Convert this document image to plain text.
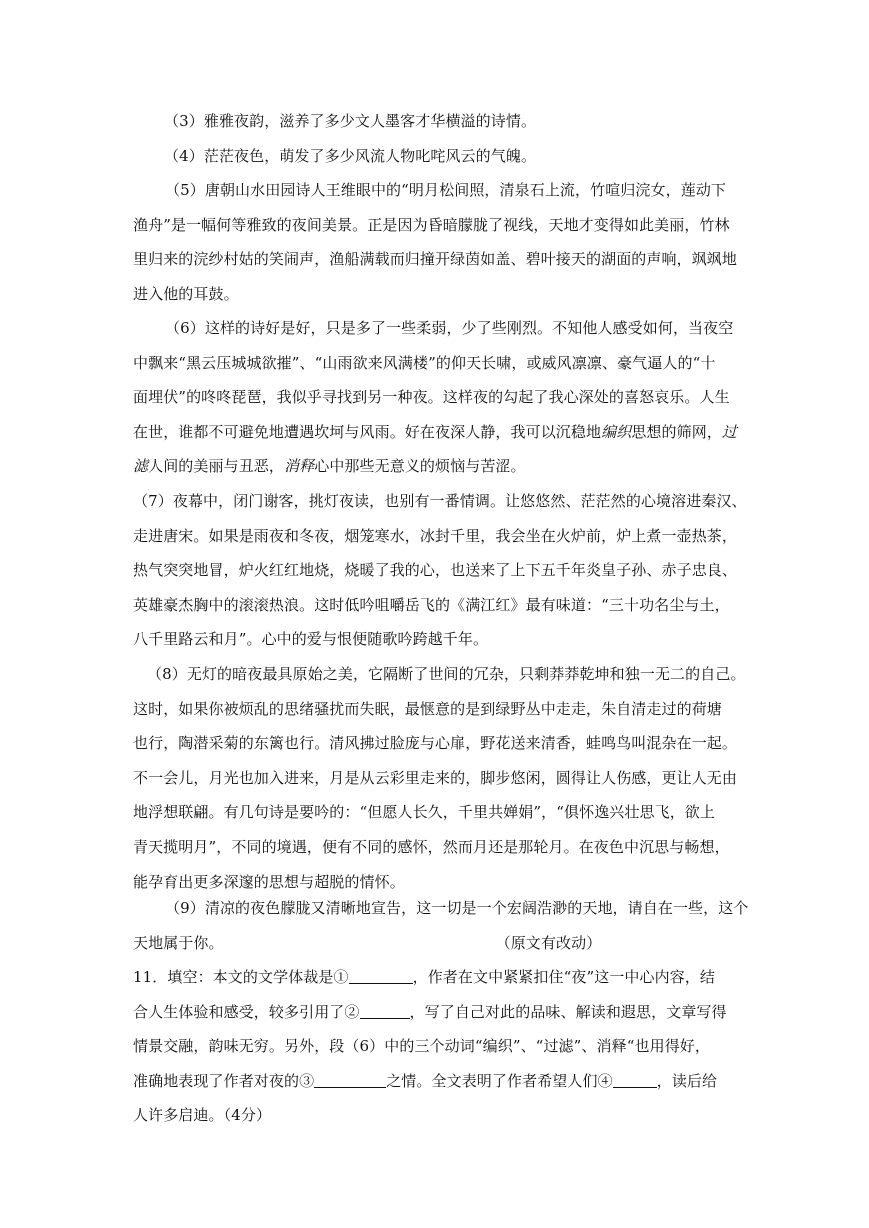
（3）雅雅夜韵，滋养了多少文人墨客才华横溢的诗情。

（4）茫茫夜色，萌发了多少风流人物叱咤风云的气魄。

（5）唐朝山水田园诗人王维眼中的“明月松间照，清泉石上流，竹喧归浣女，莲动下
渔舟”是一幅何等雅致的夜间美景。正是因为昏暗朦胧了视线，天地才变得如此美丽，竹林
里归来的浣纱村姑的笑闹声，渔船满载而归撞开绿茵如盖、碧叶接天的湖面的声响，飒飒地
进入他的耳鼓。

（6）这样的诗好是好，只是多了一些柔弱，少了些刚烈。不知他人感受如何，当夜空
中飘来“黑云压城城欲摧”、“山雨欲来风满楼”的仰天长啸，或威风凛凛、豪气逼人的“十
面埋伏”的咚咚琵琶，我似乎寻找到另一种夜。这样夜的勾起了我心深处的喜怒哀乐。人生
在世，谁都不可避免地遭遇坎坷与风雨。好在夜深人静，我可以沉稳地编织思想的筛网，过
滤人间的美丽与丑恶，消释心中那些无意义的烦恼与苦涩。

（7）夜幕中，闭门谢客，挑灯夜读，也别有一番情调。让悠悠然、茫茫然的心境溶进秦汉、
走进唐宋。如果是雨夜和冬夜，烟笼寒水，冰封千里，我会坐在火炉前，炉上煮一壶热茶，
热气突突地冒，炉火红红地烧，烧暖了我的心，也送来了上下五千年炎皇子孙、赤子忠良、
英雄豪杰胸中的滚滚热浪。这时低吟咀嚼岳飞的《满江红》最有味道：“三十功名尘与土，
八千里路云和月”。心中的爱与恨便随歌吟跨越千年。

（8）无灯的暗夜最具原始之美，它隔断了世间的冗杂，只剩莽莽乾坤和独一无二的自己。
这时，如果你被烦乱的思绪骚扰而失眠，最惬意的是到绿野丛中走走，朱自清走过的荷塘
也行，陶潜采菊的东篱也行。清风拂过脸庞与心扉，野花送来清香，蛙鸣鸟叫混杂在一起。
不一会儿，月光也加入进来，月是从云彩里走来的，脚步悠闲，圆得让人伤感，更让人无由
地浮想联翩。有几句诗是要吟的：“但愿人长久，千里共婵娟”，“俱怀逸兴壮思飞，欲上
青天揽明月”，不同的境遇，便有不同的感怀，然而月还是那轮月。在夜色中沉思与畅想，
能孕育出更多深邃的思想与超脱的情怀。

（9）清凉的夜色朦胧又清晰地宣告，这一切是一个宏阔浩渺的天地，请自在一些，这个
天地属于你。	（原文有改动）

11．填空：本文的文学体裁是①	，作者在文中紧紧扣住“夜”这一中心内容，结
合人生体验和感受，较多引用了②	，写了自己对此的品味、解读和遐思，文章写得
情景交融，韵味无穷。另外，段（6）中的三个动词“编织”、“过滤”、消释“也用得好，
准确地表现了作者对夜的③	之情。全文表明了作者希望人们④	，读后给
人许多启迪。（4分）
